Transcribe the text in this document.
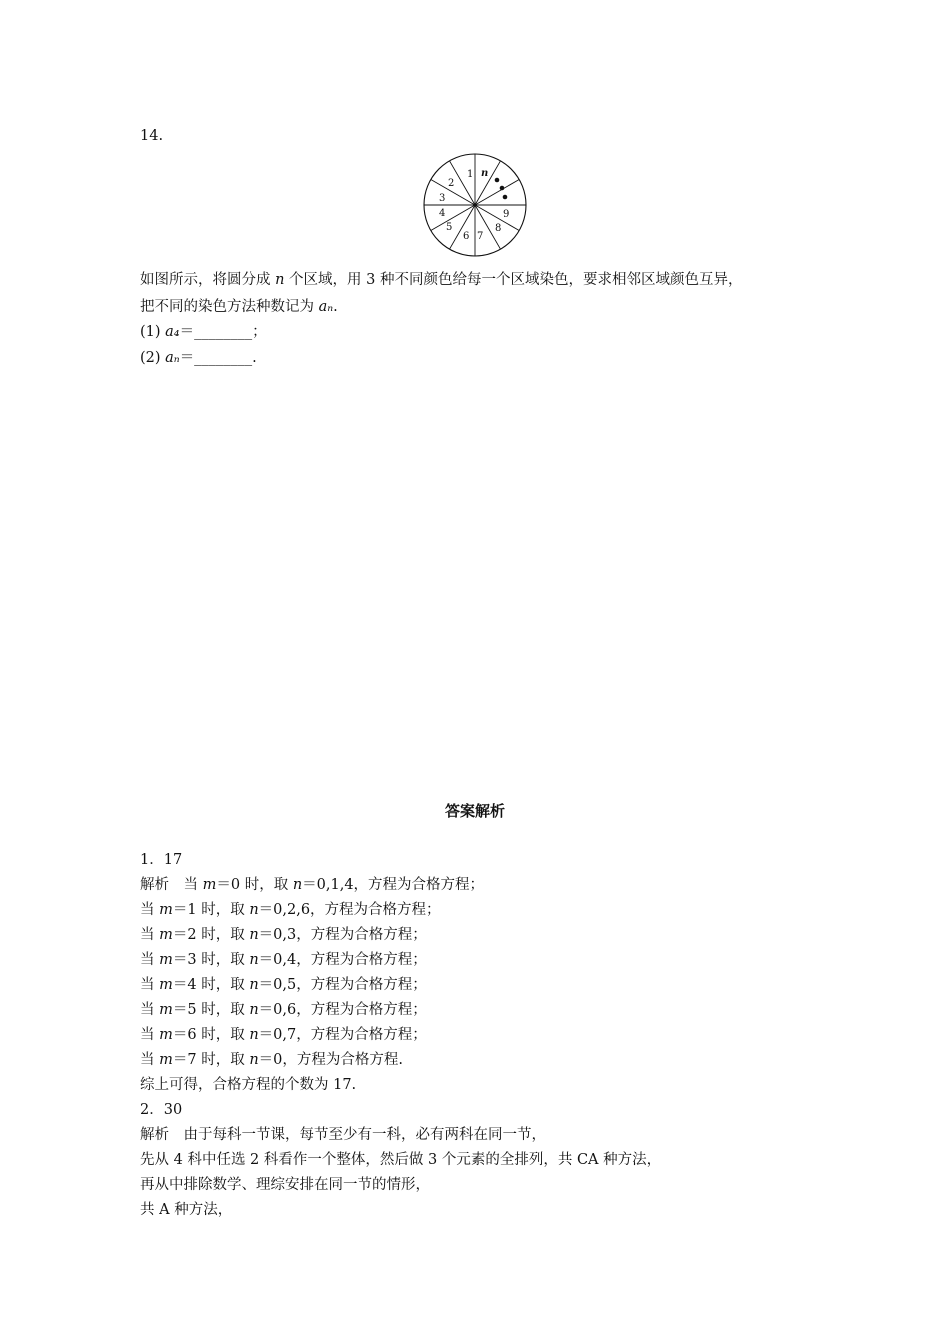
14.
1
2
3
4
5
6 7
8
9
n
如图所示，将圆分成 n 个区域，用 3 种不同颜色给每一个区域染色，要求相邻区域颜色互异，
把不同的染色方法种数记为 aₙ.
(1) a₄＝________；
(2) aₙ＝________.
答案解析
1．17
解析　当 m＝0 时，取 n＝0,1,4，方程为合格方程；
当 m＝1 时，取 n＝0,2,6，方程为合格方程；
当 m＝2 时，取 n＝0,3，方程为合格方程；
当 m＝3 时，取 n＝0,4，方程为合格方程；
当 m＝4 时，取 n＝0,5，方程为合格方程；
当 m＝5 时，取 n＝0,6，方程为合格方程；
当 m＝6 时，取 n＝0,7，方程为合格方程；
当 m＝7 时，取 n＝0，方程为合格方程.
综上可得，合格方程的个数为 17.
2．30
解析　由于每科一节课，每节至少有一科，必有两科在同一节，
先从 4 科中任选 2 科看作一个整体，然后做 3 个元素的全排列，共 CA 种方法，
再从中排除数学、理综安排在同一节的情形，
共 A 种方法，
